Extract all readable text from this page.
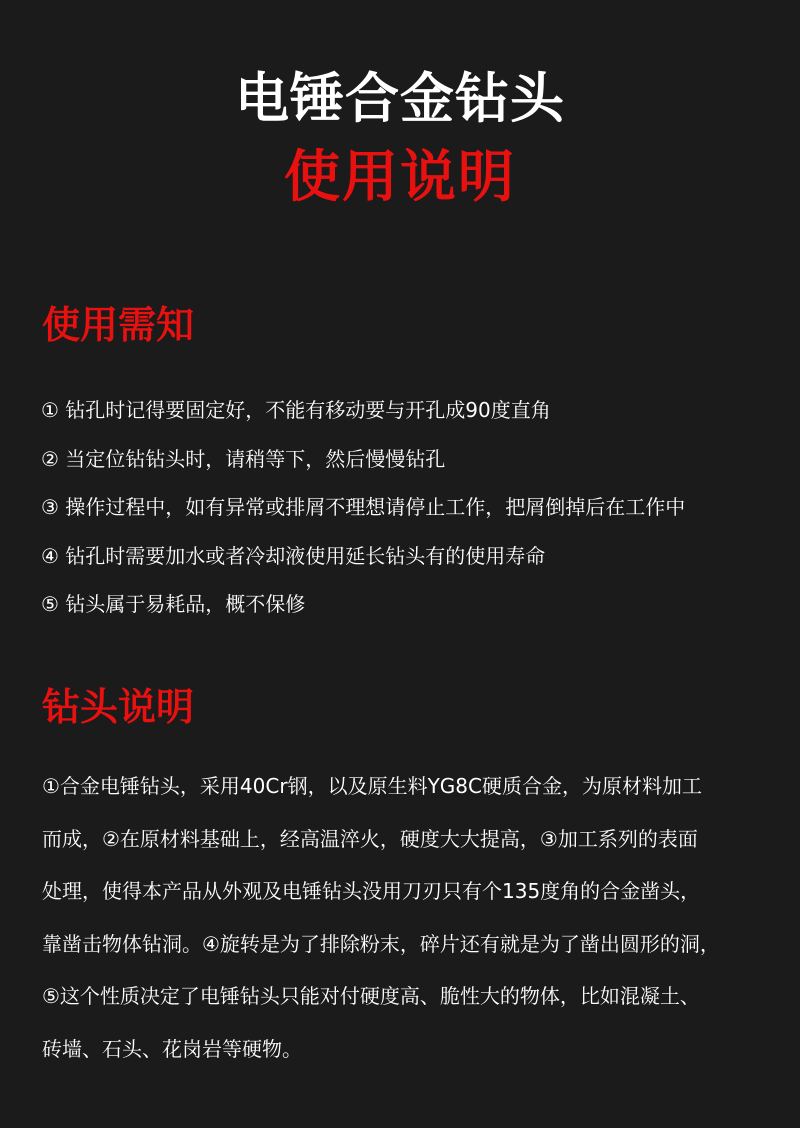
电锤合金钻头
使用说明
使用需知
① 钻孔时记得要固定好，不能有移动要与开孔成90度直角
② 当定位钻钻头时，请稍等下，然后慢慢钻孔
③ 操作过程中，如有异常或排屑不理想请停止工作，把屑倒掉后在工作中
④ 钻孔时需要加水或者冷却液使用延长钻头有的使用寿命
⑤ 钻头属于易耗品，概不保修
钻头说明

①合金电锤钻头，采用40Cr钢，以及原生料YG8C硬质合金，为原材料加工
而成，②在原材料基础上，经高温淬火，硬度大大提高，③加工系列的表面
处理，使得本产品从外观及电锤钻头没用刀刃只有个135度角的合金凿头，
靠凿击物体钻洞。④旋转是为了排除粉末，碎片还有就是为了凿出圆形的洞，
⑤这个性质决定了电锤钻头只能对付硬度高、脆性大的物体，比如混凝土、
砖墙、石头、花岗岩等硬物。
